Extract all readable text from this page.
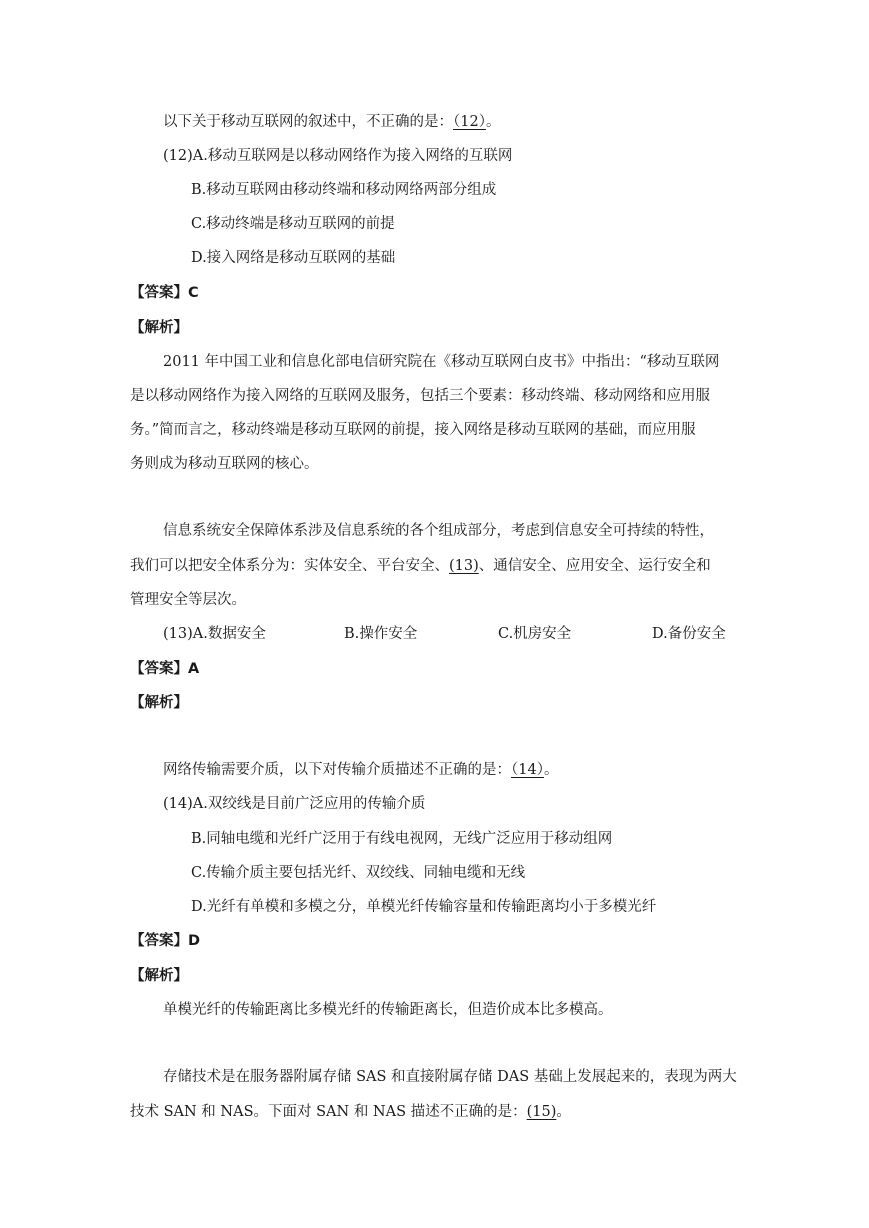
以下关于移动互联网的叙述中，不正确的是：（12）。
(12)A.移动互联网是以移动网络作为接入网络的互联网
B.移动互联网由移动终端和移动网络两部分组成
C.移动终端是移动互联网的前提
D.接入网络是移动互联网的基础
【答案】C
【解析】
2011 年中国工业和信息化部电信研究院在《移动互联网白皮书》中指出：“移动互联网
是以移动网络作为接入网络的互联网及服务，包括三个要素：移动终端、移动网络和应用服
务。”简而言之，移动终端是移动互联网的前提，接入网络是移动互联网的基础，而应用服
务则成为移动互联网的核心。
信息系统安全保障体系涉及信息系统的各个组成部分，考虑到信息安全可持续的特性，
我们可以把安全体系分为：实体安全、平台安全、(13)、通信安全、应用安全、运行安全和
管理安全等层次。
(13)A.数据安全	B.操作安全	C.机房安全	D.备份安全
【答案】A
【解析】
网络传输需要介质，以下对传输介质描述不正确的是：（14）。
(14)A.双绞线是目前广泛应用的传输介质
B.同轴电缆和光纤广泛用于有线电视网，无线广泛应用于移动组网
C.传输介质主要包括光纤、双绞线、同轴电缆和无线
D.光纤有单模和多模之分，单模光纤传输容量和传输距离均小于多模光纤
【答案】D
【解析】
单模光纤的传输距离比多模光纤的传输距离长，但造价成本比多模高。
存储技术是在服务器附属存储 SAS 和直接附属存储 DAS 基础上发展起来的，表现为两大
技术 SAN 和 NAS。下面对 SAN 和 NAS 描述不正确的是：(15)。
